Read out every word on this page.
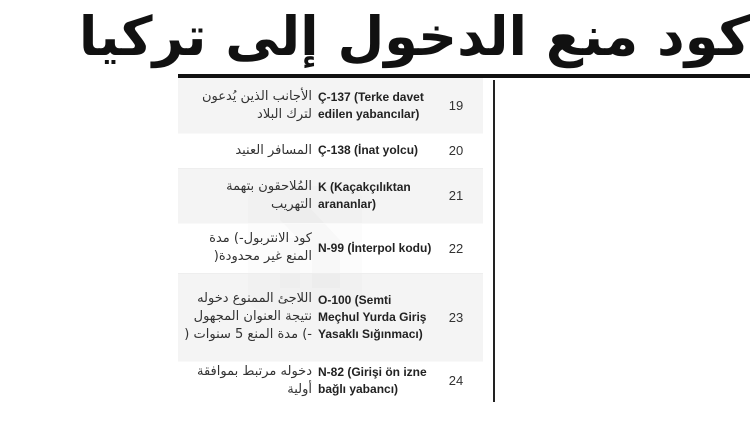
كود منع الدخول إلى تركيا
19
Ç-137 (Terke davet edilen yabancılar)
الأجانب الذين يُدعون لترك البلاد
20
Ç-138 (İnat yolcu)
المسافر العنيد
21
K (Kaçakçılıktan arananlar)
المُلاحقون بتهمة التهريب
22
N-99 (İnterpol kodu)
كود الانتربول-) مدة المنع غير محدودة(
23
O-100 (Semti Meçhul Yurda Giriş Yasaklı Sığınmacı)
اللاجئ الممنوع دخوله نتيجة العنوان المجهول -) مدة المنع 5 سنوات (
24
N-82 (Girişi ön izne bağlı yabancı)
دخوله مرتبط بموافقة أولية
